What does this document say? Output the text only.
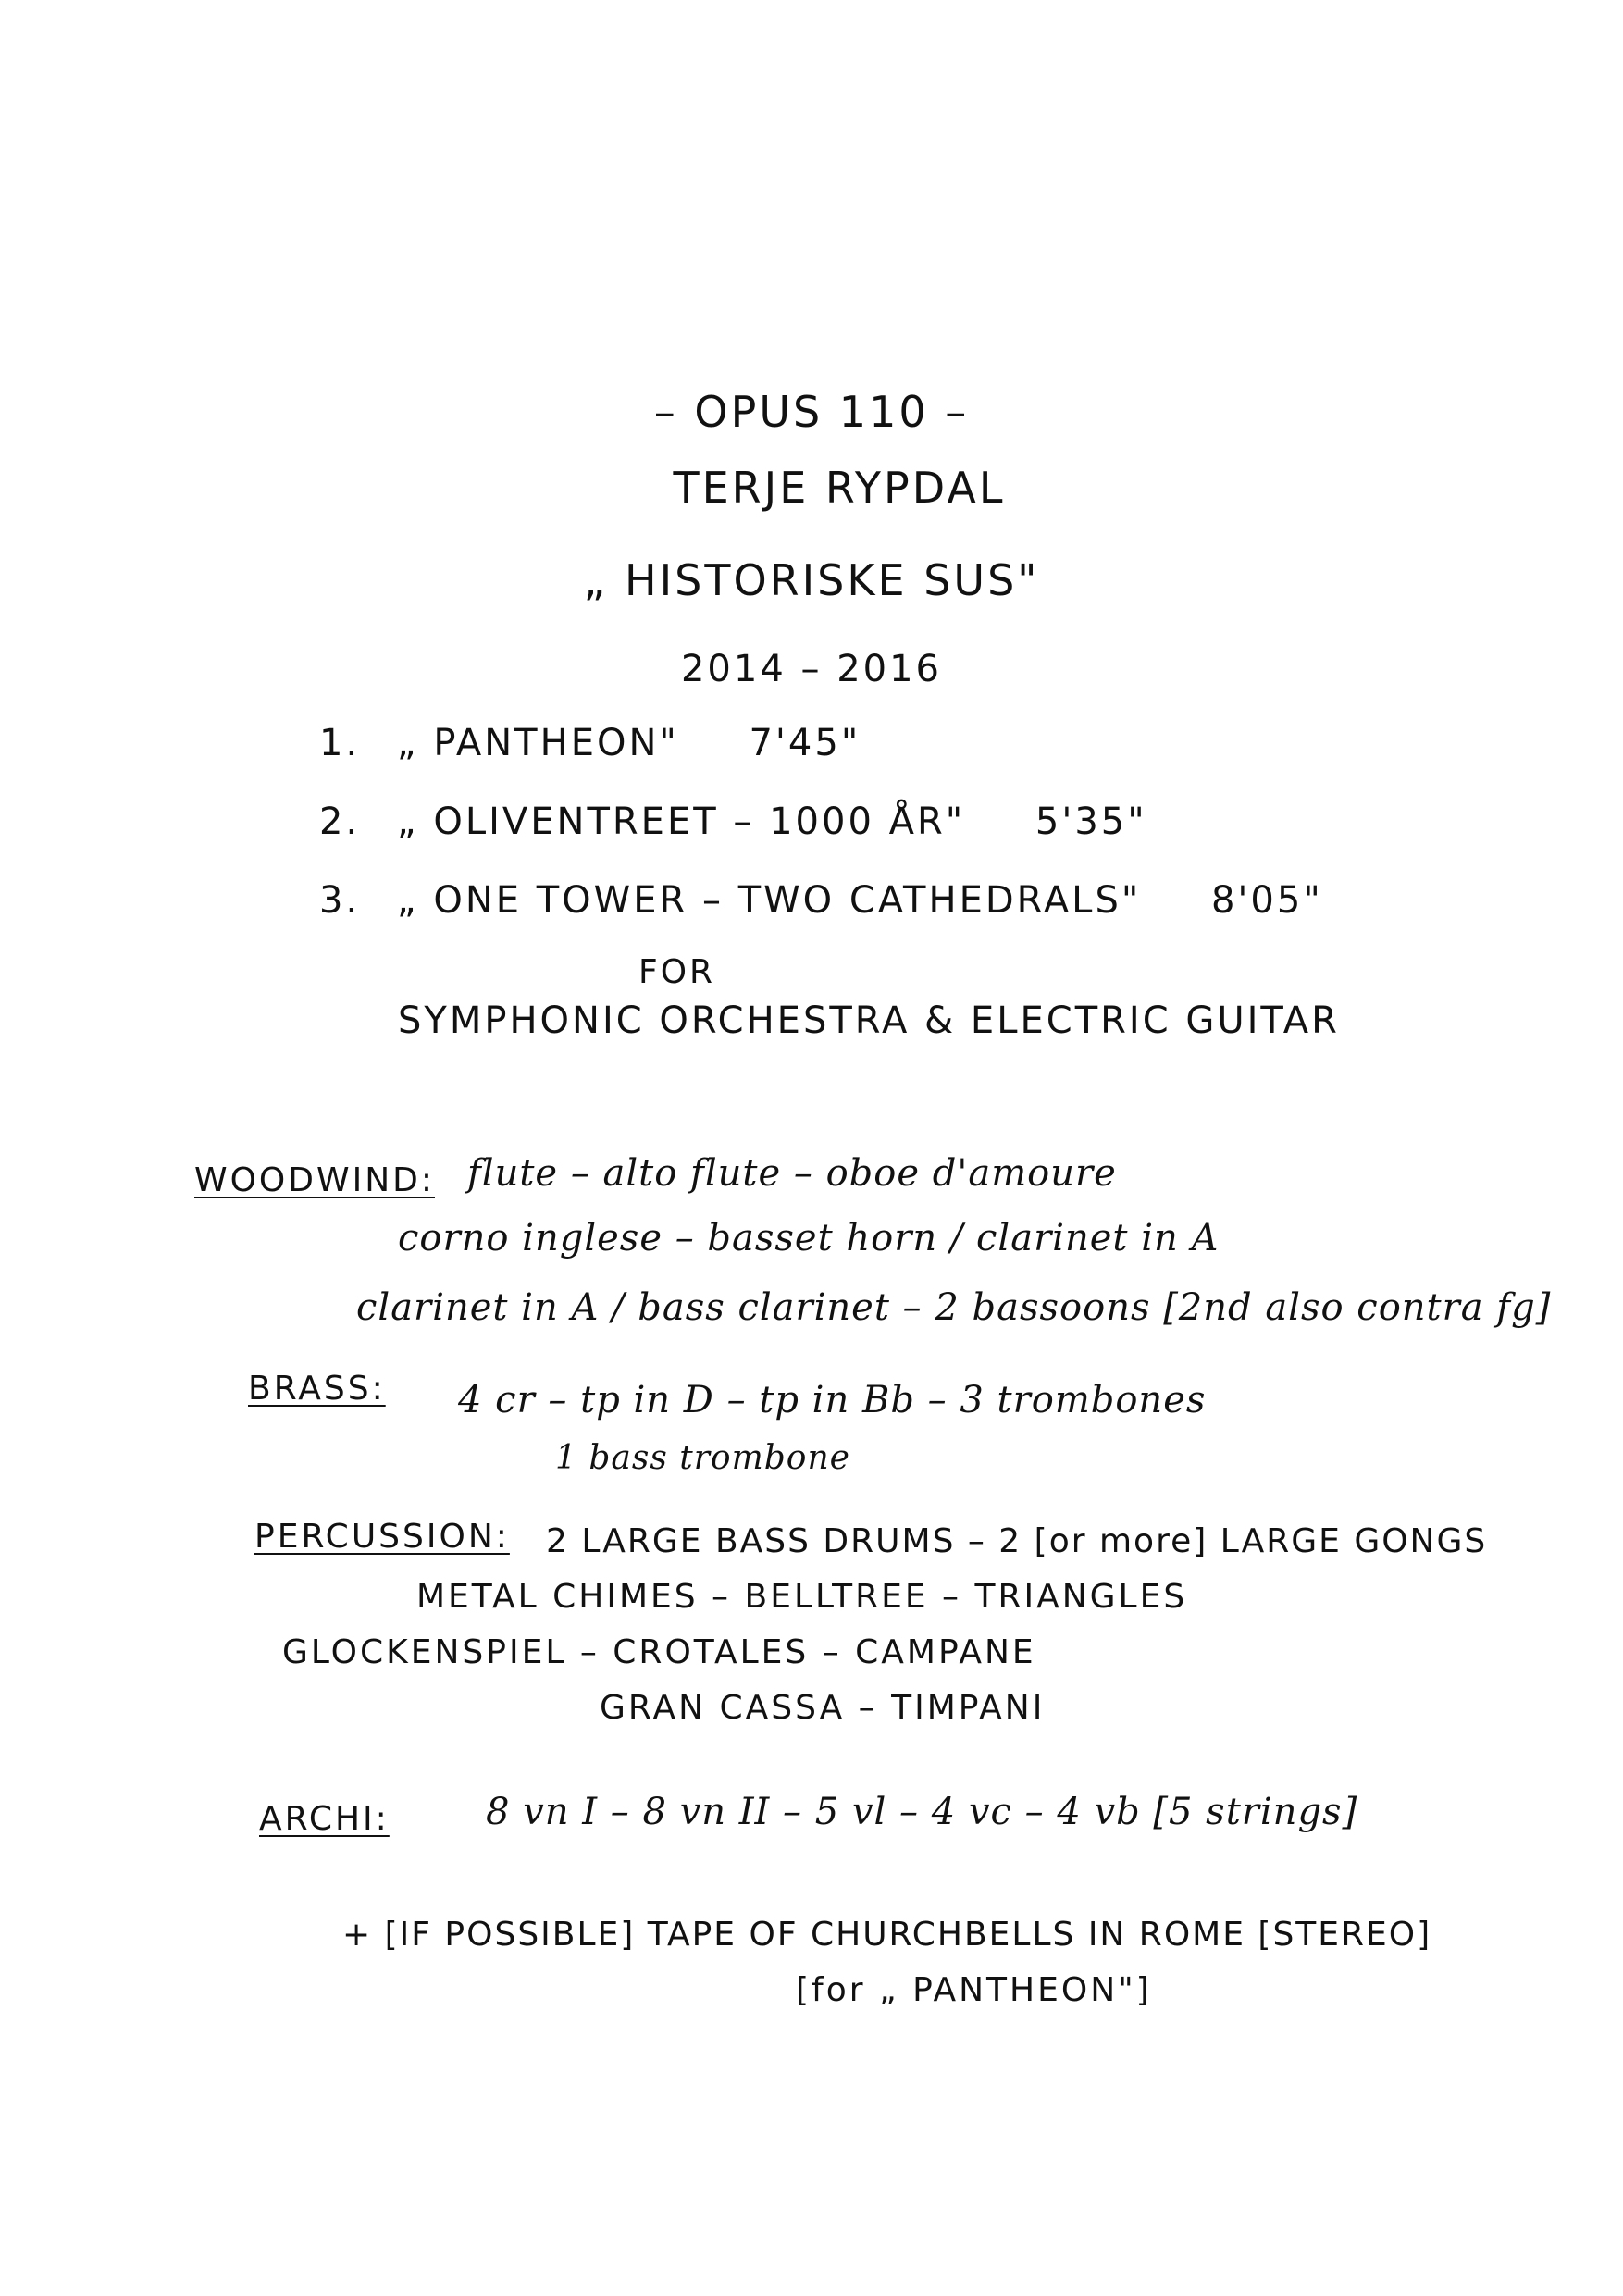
– OPUS 110 –
TERJE RYPDAL
„ HISTORISKE SUS"
2014 – 2016
1. „ PANTHEON" 7'45"
2. „ OLIVENTREET – 1000 ÅR" 5'35"
3. „ ONE TOWER – TWO CATHEDRALS" 8'05"
FOR
SYMPHONIC ORCHESTRA & ELECTRIC GUITAR
WOODWIND: flute – alto flute – oboe d'amoure
corno inglese – basset horn / clarinet in A
clarinet in A / bass clarinet – 2 bassoons [2nd also contra fg]
BRASS: 4 cr – tp in D – tp in Bb – 3 trombones
1 bass trombone
PERCUSSION: 2 LARGE BASS DRUMS – 2 [or more] LARGE GONGS
METAL CHIMES – BELLTREE – TRIANGLES
GLOCKENSPIEL – CROTALES – CAMPANE
GRAN CASSA – TIMPANI
ARCHI:	8 vn I – 8 vn II – 5 vl – 4 vc – 4 vb [5 strings]
+ [IF POSSIBLE] TAPE OF CHURCHBELLS IN ROME [STEREO]
[for „ PANTHEON"]
